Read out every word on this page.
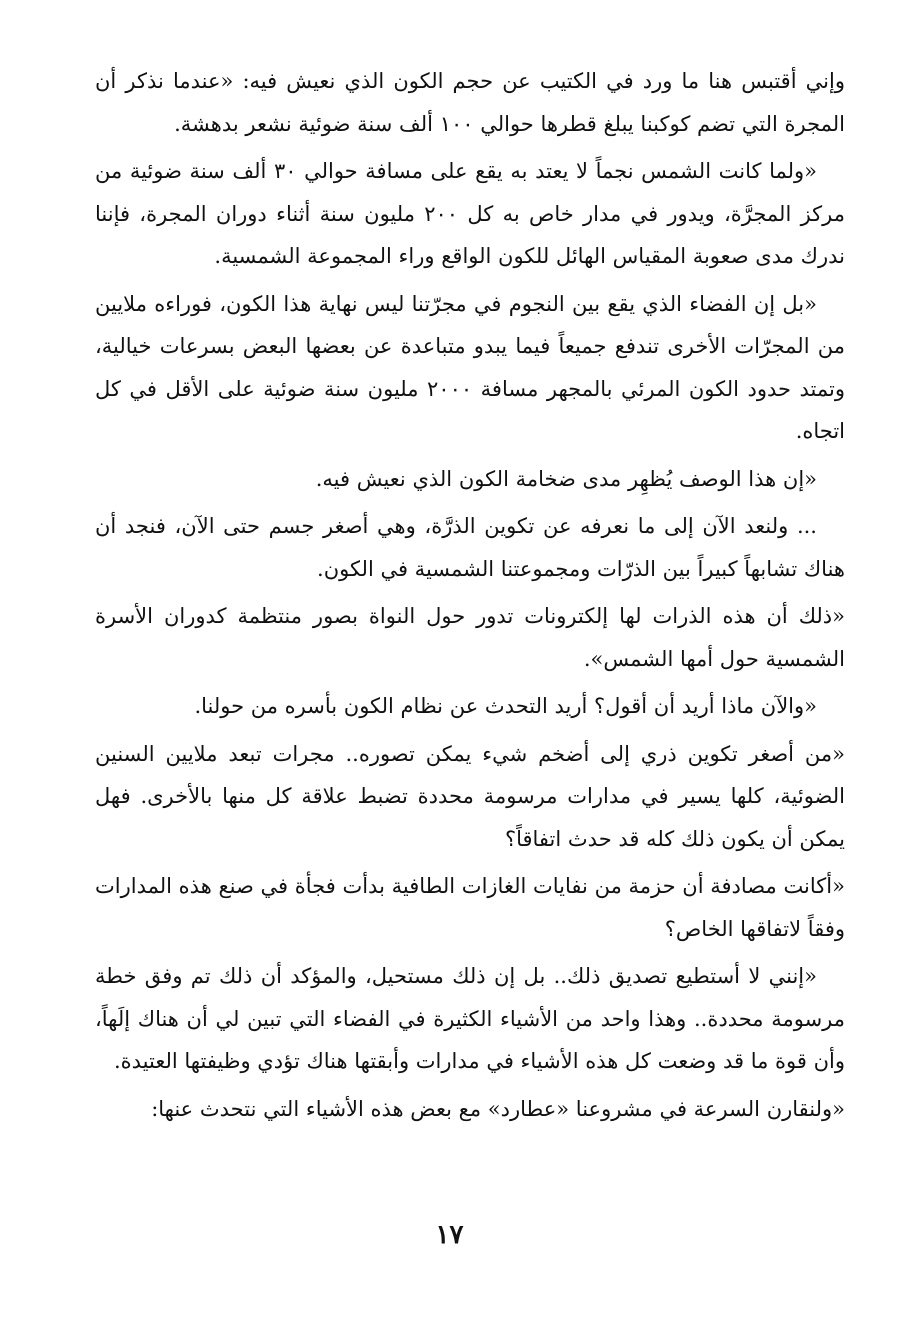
وإني أقتبس هنا ما ورد في الكتيب عن حجم الكون الذي نعيش فيه: «عندما نذكر أن المجرة التي تضم كوكبنا يبلغ قطرها حوالي ١٠٠ ألف سنة ضوئية نشعر بدهشة.

«ولما كانت الشمس نجماً لا يعتد به يقع على مسافة حوالي ٣٠ ألف سنة ضوئية من مركز المجرَّة، ويدور في مدار خاص به كل ٢٠٠ مليون سنة أثناء دوران المجرة، فإننا ندرك مدى صعوبة المقياس الهائل للكون الواقع وراء المجموعة الشمسية.

«بل إن الفضاء الذي يقع بين النجوم في مجرّتنا ليس نهاية هذا الكون، فوراءه ملايين من المجرّات الأخرى تندفع جميعاً فيما يبدو متباعدة عن بعضها البعض بسرعات خيالية، وتمتد حدود الكون المرئي بالمجهر مسافة ٢٠٠٠ مليون سنة ضوئية على الأقل في كل اتجاه.

«إن هذا الوصف يُظهِر مدى ضخامة الكون الذي نعيش فيه.

... ولنعد الآن إلى ما نعرفه عن تكوين الذرَّة، وهي أصغر جسم حتى الآن، فنجد أن هناك تشابهاً كبيراً بين الذرّات ومجموعتنا الشمسية في الكون.

«ذلك أن هذه الذرات لها إلكترونات تدور حول النواة بصور منتظمة كدوران الأسرة الشمسية حول أمها الشمس».

«والآن ماذا أريد أن أقول؟ أريد التحدث عن نظام الكون بأسره من حولنا.

«من أصغر تكوين ذري إلى أضخم شيء يمكن تصوره.. مجرات تبعد ملايين السنين الضوئية، كلها يسير في مدارات مرسومة محددة تضبط علاقة كل منها بالأخرى. فهل يمكن أن يكون ذلك كله قد حدث اتفاقاً؟

«أكانت مصادفة أن حزمة من نفايات الغازات الطافية بدأت فجأة في صنع هذه المدارات وفقاً لاتفاقها الخاص؟

«إنني لا أستطيع تصديق ذلك.. بل إن ذلك مستحيل، والمؤكد أن ذلك تم وفق خطة مرسومة محددة.. وهذا واحد من الأشياء الكثيرة في الفضاء التي تبين لي أن هناك إلَهاً، وأن قوة ما قد وضعت كل هذه الأشياء في مدارات وأبقتها هناك تؤدي وظيفتها العتيدة.

«ولنقارن السرعة في مشروعنا «عطارد» مع بعض هذه الأشياء التي نتحدث عنها:

١٧
